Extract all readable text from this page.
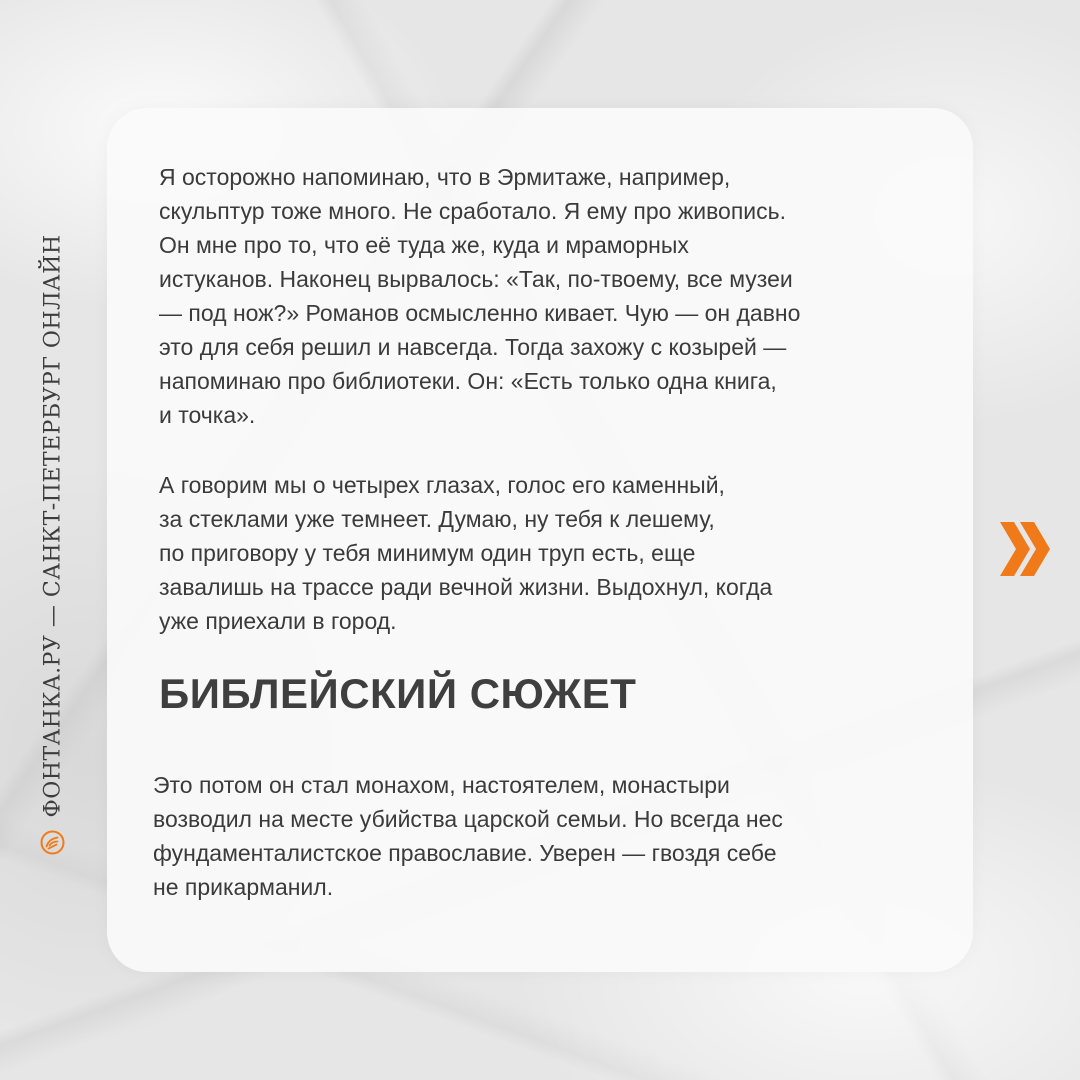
ФОНТАНКА.РУ — САНКТ-ПЕТЕРБУРГ ОНЛАЙН

Я осторожно напоминаю, что в Эрмитаже, например,
скульптур тоже много. Не сработало. Я ему про живопись.
Он мне про то, что её туда же, куда и мраморных
истуканов. Наконец вырвалось: «Так, по-твоему, все музеи
— под нож?» Романов осмысленно кивает. Чую — он давно
это для себя решил и навсегда. Тогда захожу с козырей —
напоминаю про библиотеки. Он: «Есть только одна книга,
и точка».

А говорим мы о четырех глазах, голос его каменный,
за стеклами уже темнеет. Думаю, ну тебя к лешему,
по приговору у тебя минимум один труп есть, еще
завалишь на трассе ради вечной жизни. Выдохнул, когда
уже приехали в город.

БИБЛЕЙСКИЙ СЮЖЕТ

Это потом он стал монахом, настоятелем, монастыри
возводил на месте убийства царской семьи. Но всегда нес
фундаменталистское православие. Уверен — гвоздя себе
не прикарманил.
